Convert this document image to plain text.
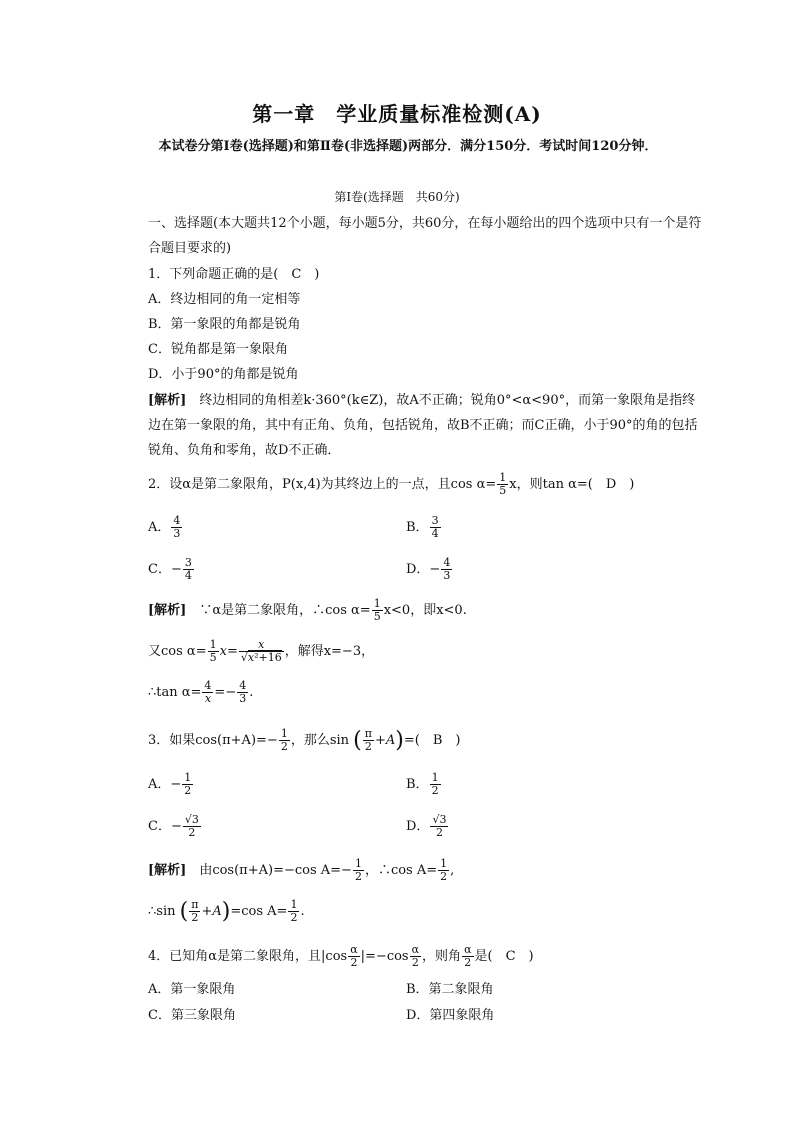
第一章　学业质量标准检测(A)
本试卷分第Ⅰ卷(选择题)和第Ⅱ卷(非选择题)两部分．满分150分．考试时间120分钟．
第Ⅰ卷(选择题　共60分)
一、选择题(本大题共12个小题，每小题5分，共60分，在每小题给出的四个选项中只有一个是符合题目要求的)
1．下列命题正确的是(　C　)
A．终边相同的角一定相等
B．第一象限的角都是锐角
C．锐角都是第一象限角
D．小于90°的角都是锐角
[解析]　 终边相同的角相差k·360°(k∈Z)，故A不正确；锐角0°<α<90°，而第一象限角是指终边在第一象限的角，其中有正角、负角，包括锐角，故B不正确；而C正确，小于90°的角的包括锐角、负角和零角，故D不正确．
2．设α是第二象限角，P(x,4)为其终边上的一点，且$\cos \alpha= \frac{1}{5}$ x，则tan α=(　D　)
A． $\frac{4}{3}$	B． $\frac{3}{4}$
C．− $\frac{3}{4}$	D．− $\frac{4}{3}$
[解析]　 ∵α是第二象限角，∴cos $\alpha= \frac{1}{5} x<0$，即x<0.
又$\cos \alpha= \frac{1}{5} x= \frac{x}{\text{√x²+16}}$ ，解得x=−3，
∴tan $\alpha= \frac{4}{x} =- \frac{4}{3}$ .
3．如果$\cos(\pi+A)=- \frac{1}{2}$ ，那么sin ( $\frac{\pi}{2} +A)=$(　B　)
A．− $\frac{1}{2}$	B． $\frac{1}{2}$
C．− $\frac{√3}{2}$	D． $\frac{√3}{2}$
[解析]　 由cos(π+A)=−cos $A=- \frac{1}{2}$ ，∴cos $A= \frac{1}{2}$ ,
∴sin ( $\frac{\pi}{2} +A)=\cos$ $A= \frac{1}{2}$ .
4．已知角α是第二象限角，且$|\cos \frac{\alpha}{2} |=-\cos \frac{\alpha}{2}$ ，则角 $\frac{\alpha}{2}$ 是(　C　)
A．第一象限角	B．第二象限角
C．第三象限角	D．第四象限角
